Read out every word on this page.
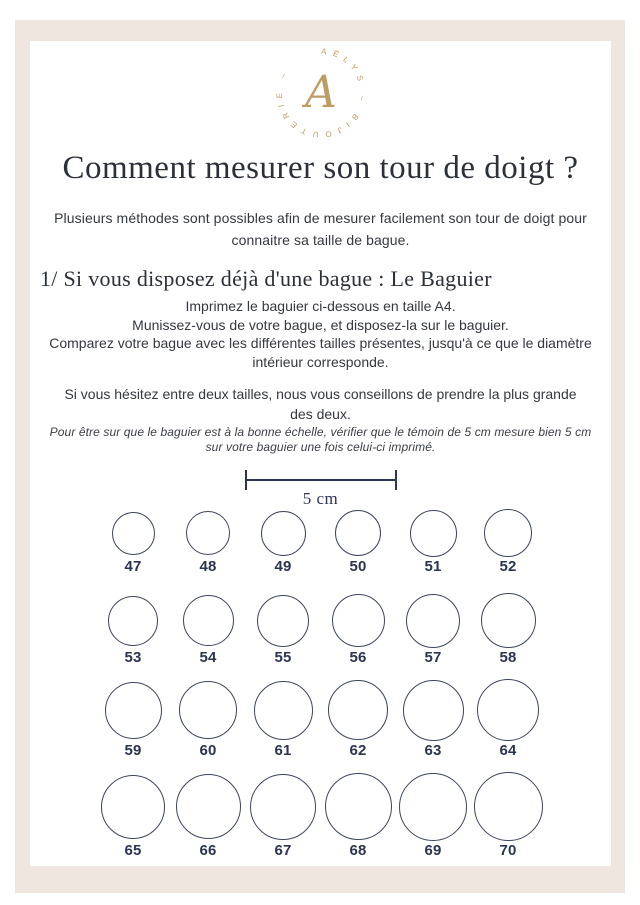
AËLYS – BIJOUTERIE – A
Comment mesurer son tour de doigt ?
Plusieurs méthodes sont possibles afin de mesurer facilement son tour de doigt pour connaitre sa taille de bague.
1/ Si vous disposez déjà d'une bague : Le Baguier
Imprimez le baguier ci-dessous en taille A4.
Munissez-vous de votre bague, et disposez-la sur le baguier.
Comparez votre bague avec les différentes tailles présentes, jusqu'à ce que le diamètre intérieur corresponde.
Si vous hésitez entre deux tailles, nous vous conseillons de prendre la plus grande des deux.
Pour être sur que le baguier est à la bonne échelle, vérifier que le témoin de 5 cm mesure bien 5 cm sur votre baguier une fois celui-ci imprimé.
5 cm
47	48	49	50	51	52
53	54	55	56	57	58
59	60	61	62	63	64
65	66	67	68	69	70
